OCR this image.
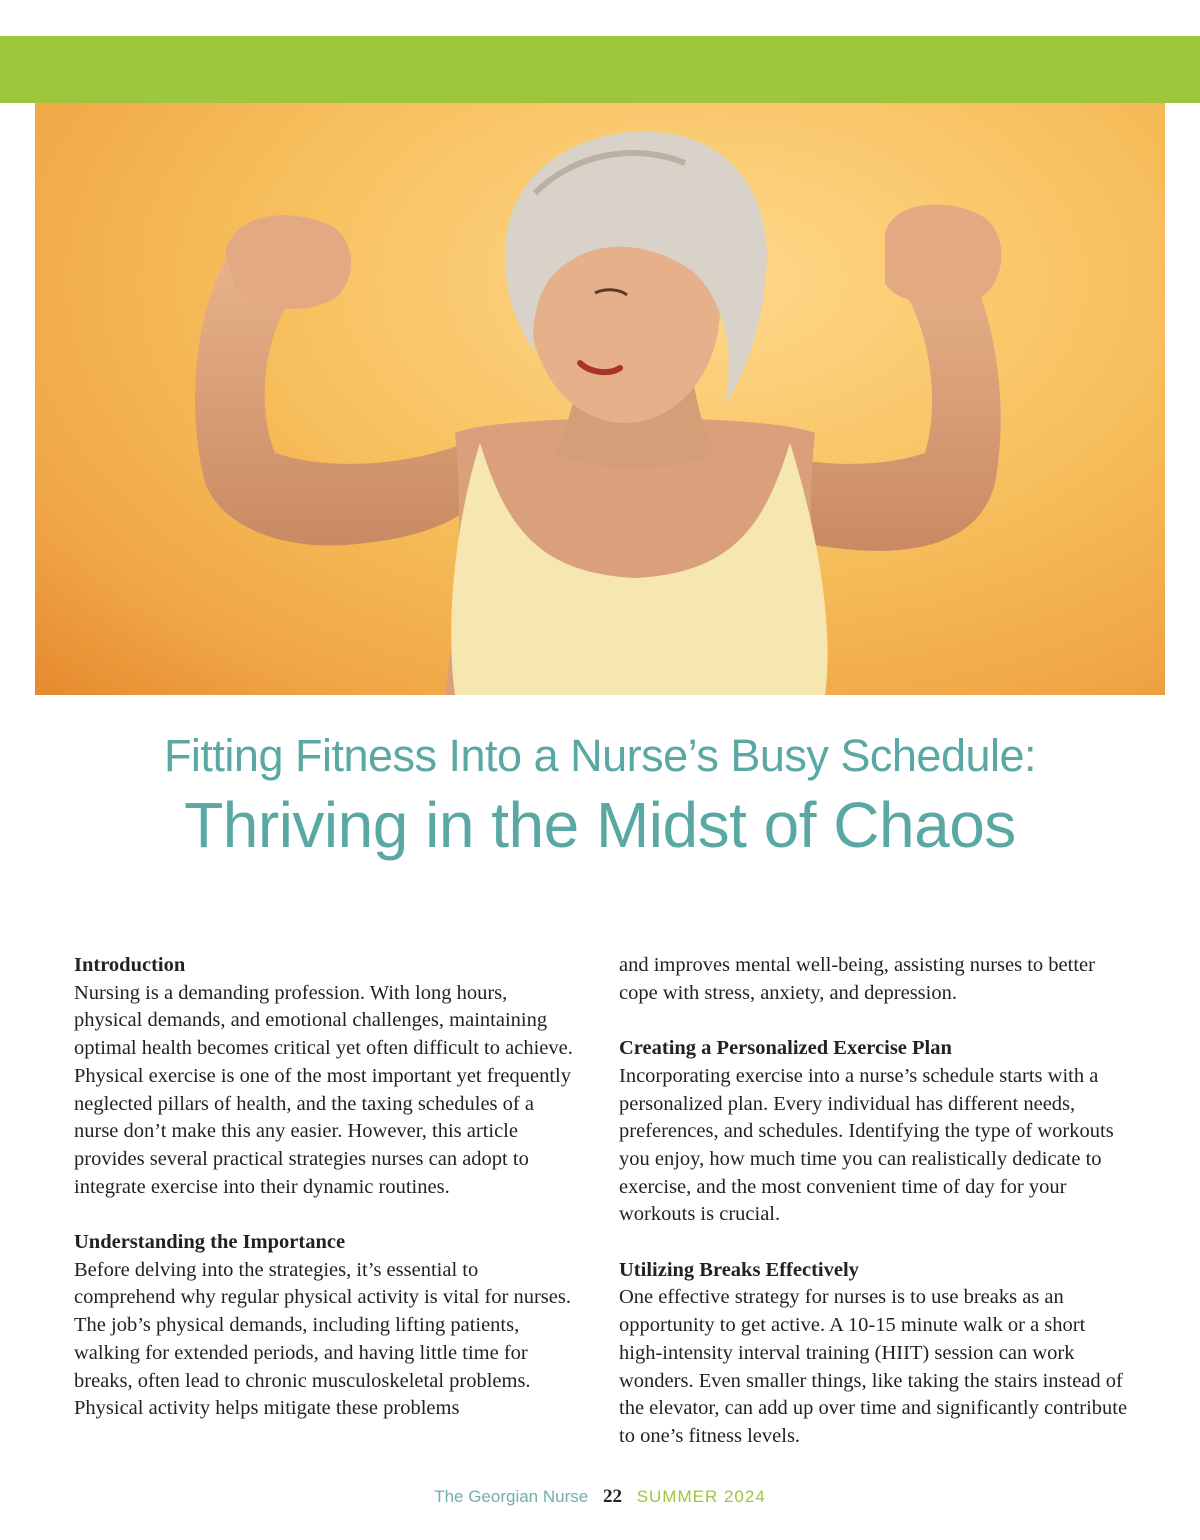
Fitting Fitness Into a Nurse’s Busy Schedule:
Thriving in the Midst of Chaos
Introduction

Nursing is a demanding profession. With long hours, physical demands, and emotional challenges, maintaining optimal health becomes critical yet often difficult to achieve. Physical exercise is one of the most important yet frequently neglected pillars of health, and the taxing schedules of a nurse don’t make this any easier. However, this article provides several practical strategies nurses can adopt to integrate exercise into their dynamic routines.

Understanding the Importance

Before delving into the strategies, it’s essential to comprehend why regular physical activity is vital for nurses. The job’s physical demands, including lifting patients, walking for extended periods, and having little time for breaks, often lead to chronic musculoskeletal problems. Physical activity helps mitigate these problems

and improves mental well-being, assisting nurses to better cope with stress, anxiety, and depression.

Creating a Personalized Exercise Plan

Incorporating exercise into a nurse’s schedule starts with a personalized plan. Every individual has different needs, preferences, and schedules. Identifying the type of workouts you enjoy, how much time you can realistically dedicate to exercise, and the most convenient time of day for your workouts is crucial.

Utilizing Breaks Effectively

One effective strategy for nurses is to use breaks as an opportunity to get active. A 10-15 minute walk or a short high-intensity interval training (HIIT) session can work wonders. Even smaller things, like taking the stairs instead of the elevator, can add up over time and significantly contribute to one’s fitness levels.

The Georgian Nurse 22 SUMMER 2024
